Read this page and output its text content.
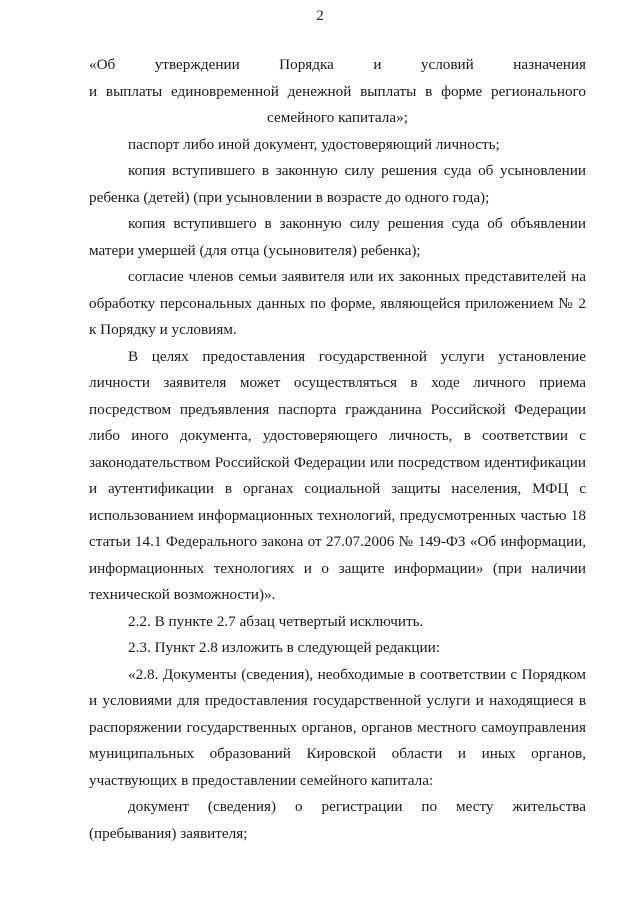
2

«Об утверждении Порядка и условий назначения

и выплаты единовременной денежной выплаты в форме регионального семейного капитала»;

паспорт либо иной документ, удостоверяющий личность;

копия вступившего в законную силу решения суда об усыновлении ребенка (детей) (при усыновлении в возрасте до одного года);

копия вступившего в законную силу решения суда об объявлении матери умершей (для отца (усыновителя) ребенка);

согласие членов семьи заявителя или их законных представителей на обработку персональных данных по форме, являющейся приложением № 2 к Порядку и условиям.

В целях предоставления государственной услуги установление личности заявителя может осуществляться в ходе личного приема посредством предъявления паспорта гражданина Российской Федерации либо иного документа, удостоверяющего личность, в соответствии с законодательством Российской Федерации или посредством идентификации и аутентификации в органах социальной защиты населения, МФЦ с использованием информационных технологий, предусмотренных частью 18 статьи 14.1 Федерального закона от 27.07.2006 № 149-ФЗ «Об информации, информационных технологиях и о защите информации» (при наличии технической возможности)».

2.2. В пункте 2.7 абзац четвертый исключить.

2.3. Пункт 2.8 изложить в следующей редакции:

«2.8. Документы (сведения), необходимые в соответствии с Порядком и условиями для предоставления государственной услуги и находящиеся в распоряжении государственных органов, органов местного самоуправления муниципальных образований Кировской области и иных органов, участвующих в предоставлении семейного капитала:

документ (сведения) о регистрации по месту жительства (пребывания) заявителя;
